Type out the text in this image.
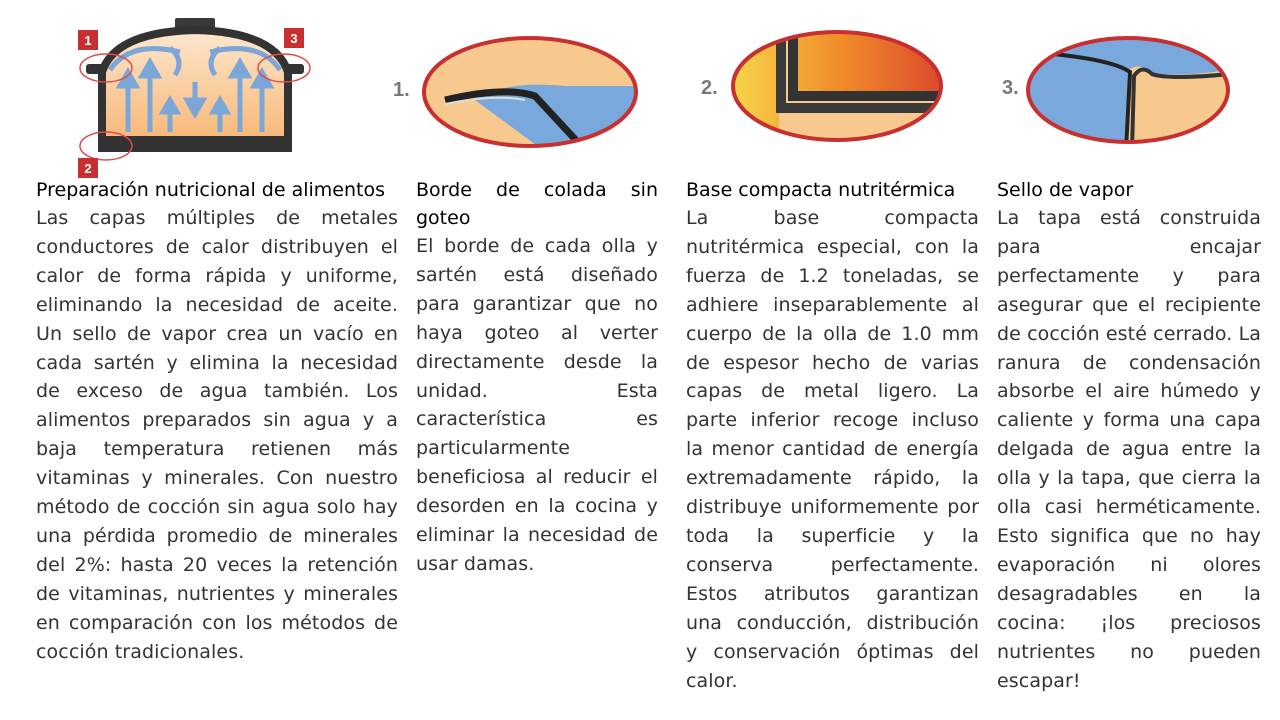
1	3
2
1.	2.	3.
Preparación nutricional de alimentos

Las capas múltiples de metales conductores de calor distribuyen el calor de forma rápida y uniforme, eliminando la necesidad de aceite. Un sello de vapor crea un vacío en cada sartén y elimina la necesidad de exceso de agua también. Los alimentos preparados sin agua y a baja temperatura retienen más vitaminas y minerales. Con nuestro método de cocción sin agua solo hay una pérdida promedio de minerales del 2%: hasta 20 veces la retención de vitaminas, nutrientes y minerales en comparación con los métodos de cocción tradicionales.

Borde de colada sin goteo

El borde de cada olla y sartén está diseñado para garantizar que no haya goteo al verter directamente desde la unidad. Esta característica es particularmente beneficiosa al reducir el desorden en la cocina y eliminar la necesidad de usar damas.

Base compacta nutritérmica

La base compacta nutritérmica especial, con la fuerza de 1.2 toneladas, se adhiere inseparablemente al cuerpo de la olla de 1.0 mm de espesor hecho de varias capas de metal ligero. La parte inferior recoge incluso la menor cantidad de energía extremadamente rápido, la distribuye uniformemente por toda la superficie y la conserva perfectamente. Estos atributos garantizan una conducción, distribución y conservación óptimas del calor.

Sello de vapor

La tapa está construida para encajar perfectamente y para asegurar que el recipiente de cocción esté cerrado. La ranura de condensación absorbe el aire húmedo y caliente y forma una capa delgada de agua entre la olla y la tapa, que cierra la olla casi herméticamente. Esto significa que no hay evaporación ni olores desagradables en la cocina: ¡los preciosos nutrientes no pueden escapar!
